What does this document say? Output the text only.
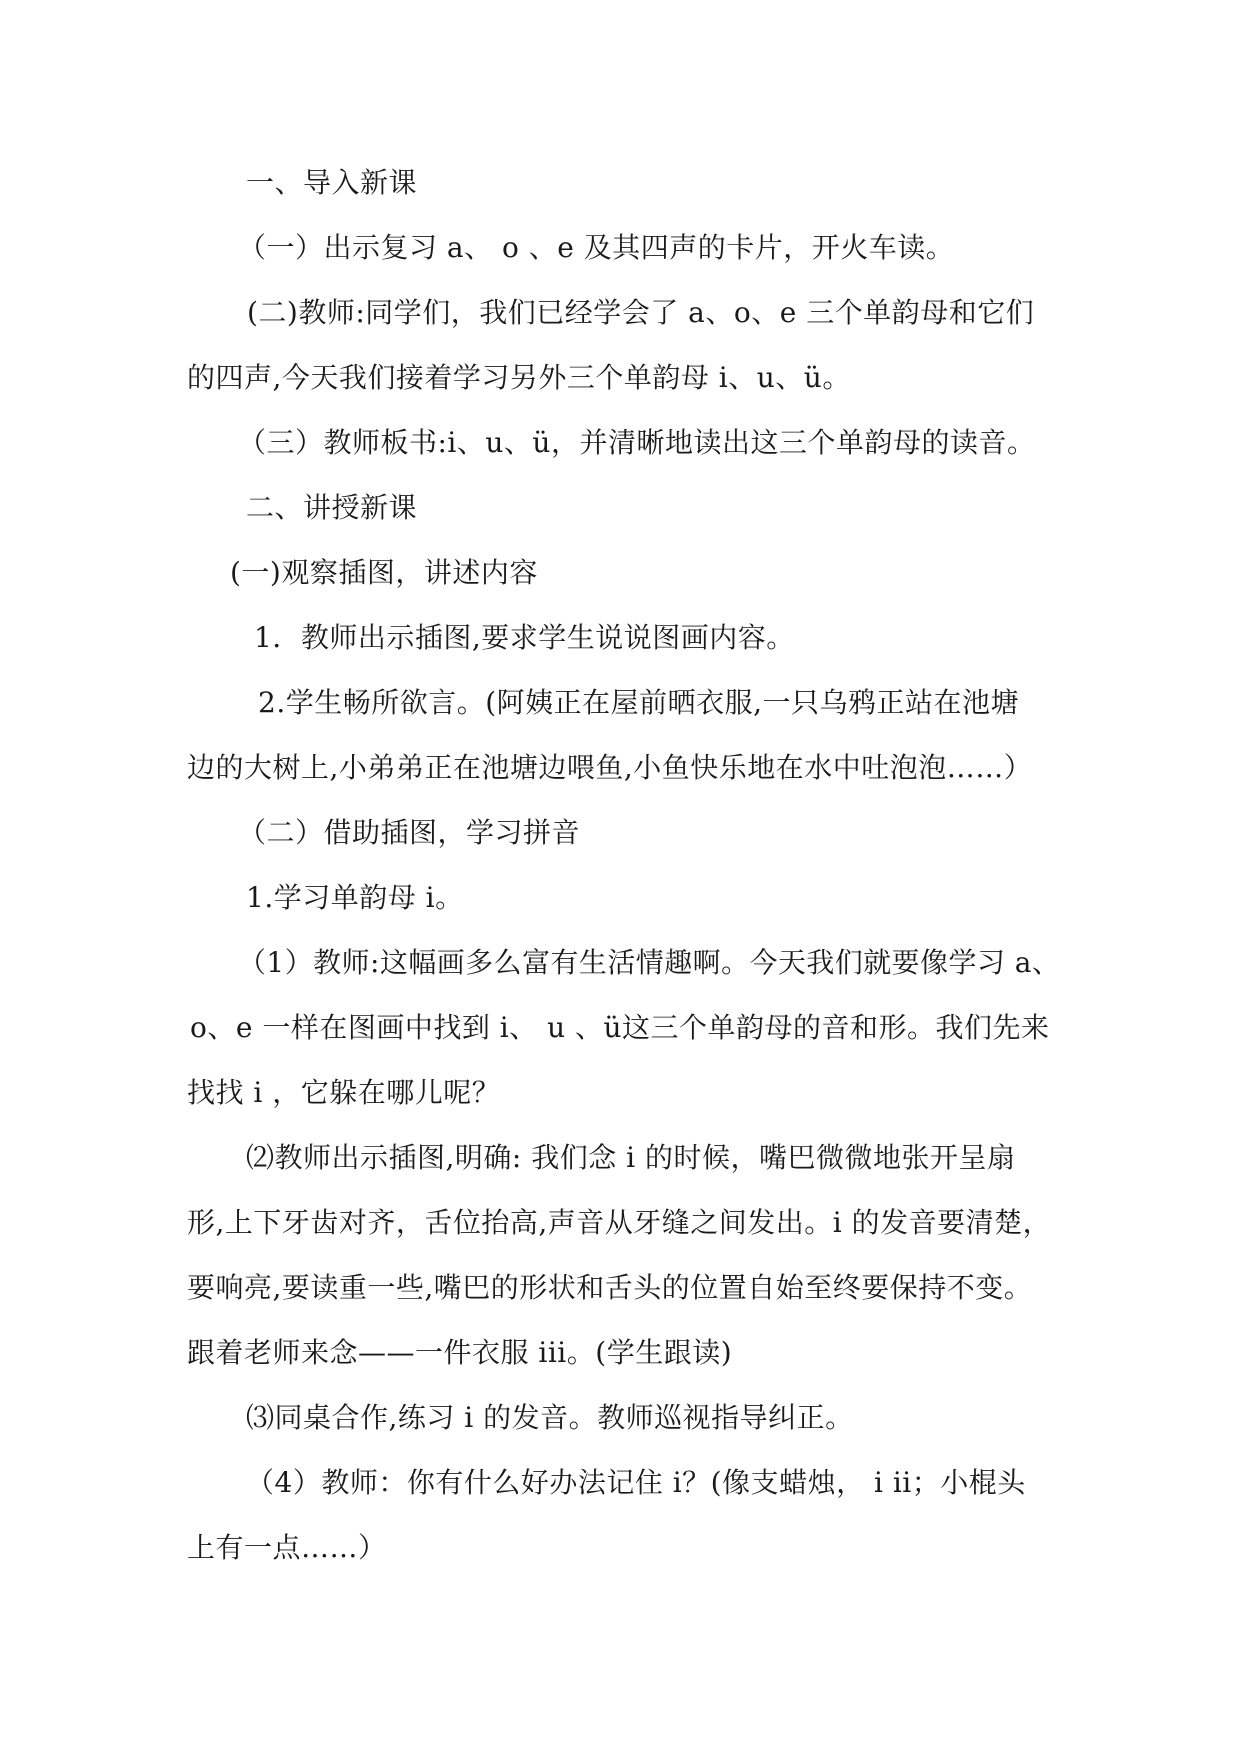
一、导入新课
（一）出示复习 a、 o 、e 及其四声的卡片，开火车读。
(二)教师:同学们，我们已经学会了 a、o、e 三个单韵母和它们
的四声,今天我们接着学习另外三个单韵母 i、u、ü。
（三）教师板书:i、u、ü，并清晰地读出这三个单韵母的读音。
二、讲授新课
(一)观察插图，讲述内容
1．教师出示插图,要求学生说说图画内容。
2.学生畅所欲言。(阿姨正在屋前晒衣服,一只乌鸦正站在池塘
边的大树上,小弟弟正在池塘边喂鱼,小鱼快乐地在水中吐泡泡……）
（二）借助插图，学习拼音
1.学习单韵母 i。
（1）教师:这幅画多么富有生活情趣啊。今天我们就要像学习 a、
o、e 一样在图画中找到 i、 u 、ü这三个单韵母的音和形。我们先来
找找 i ，它躲在哪儿呢？
⑵教师出示插图,明确: 我们念 i 的时候，嘴巴微微地张开呈扇
形,上下牙齿对齐，舌位抬高,声音从牙缝之间发出。i 的发音要清楚，
要响亮,要读重一些,嘴巴的形状和舌头的位置自始至终要保持不变。
跟着老师来念——一件衣服 iii。(学生跟读)
⑶同桌合作,练习 i 的发音。教师巡视指导纠正。
（4）教师：你有什么好办法记住 i？(像支蜡烛， i ii；小棍头
上有一点……）
